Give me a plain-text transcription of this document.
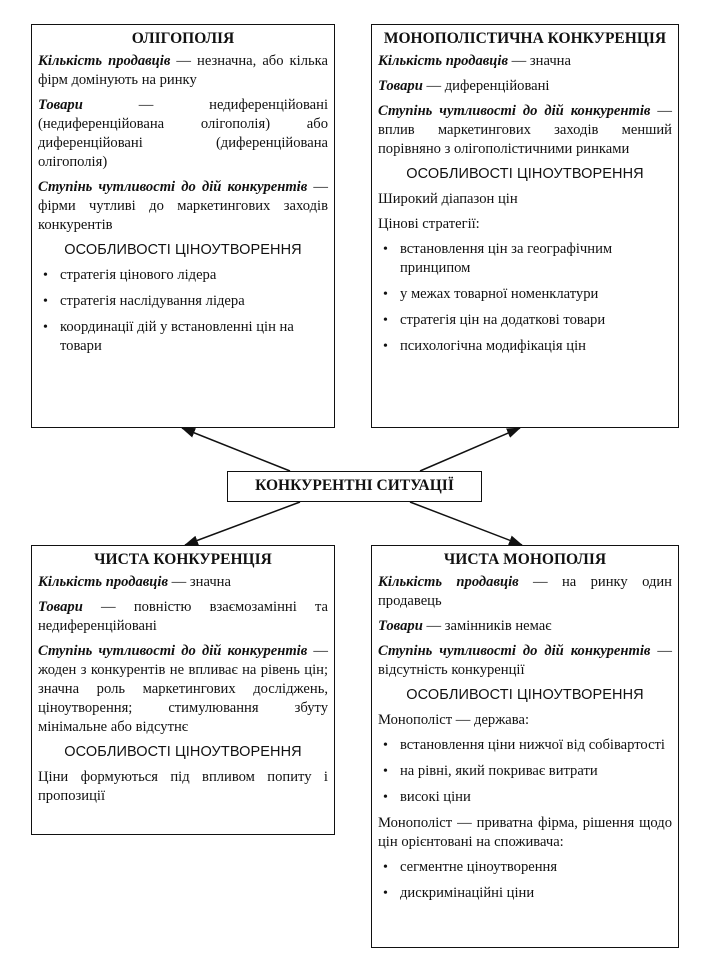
ОЛІГОПОЛІЯ

Кількість продавців — незначна, або кілька фірм домінують на ринку

Товари — недиференційовані (недиференційована олігополія) або диференційовані (диференційована олігополія)

Ступінь чутливості до дій конкурентів — фірми чутливі до маркетингових заходів конкурентів

ОСОБЛИВОСТІ ЦІНОУТВОРЕННЯ
• стратегія цінового лідера
• стратегія наслідування лідера
• координації дій у встановленні цін на товари
МОНОПОЛІСТИЧНА КОНКУРЕНЦІЯ

Кількість продавців — значна

Товари — диференційовані

Ступінь чутливості до дій конкурентів — вплив маркетингових заходів менший порівняно з олігополістичними ринками

ОСОБЛИВОСТІ ЦІНОУТВОРЕННЯ

Широкий діапазон цін

Цінові стратегії:

• встановлення цін за географічним принципом
• у межах товарної номенклатури
• стратегія цін на додаткові товари
• психологічна модифікація цін
КОНКУРЕНТНІ СИТУАЦІЇ
ЧИСТА КОНКУРЕНЦІЯ

Кількість продавців — значна

Товари — повністю взаємозамінні та недиференційовані

Ступінь чутливості до дій конкурентів — жоден з конкурентів не впливає на рівень цін; значна роль маркетингових досліджень, ціноутворення; стимулювання збуту мінімальне або відсутнє

ОСОБЛИВОСТІ ЦІНОУТВОРЕННЯ

Ціни формуються під впливом попиту і пропозиції

ЧИСТА МОНОПОЛІЯ

Кількість продавців — на ринку один продавець

Товари — замінників немає

Ступінь чутливості до дій конкурентів — відсутність конкуренції

ОСОБЛИВОСТІ ЦІНОУТВОРЕННЯ

Монополіст — держава:

• встановлення ціни нижчої від собівартості
• на рівні, який покриває витрати
• високі ціни

Монополіст — приватна фірма, рішення щодо цін орієнтовані на споживача:

• сегментне ціноутворення
• дискримінаційні ціни
